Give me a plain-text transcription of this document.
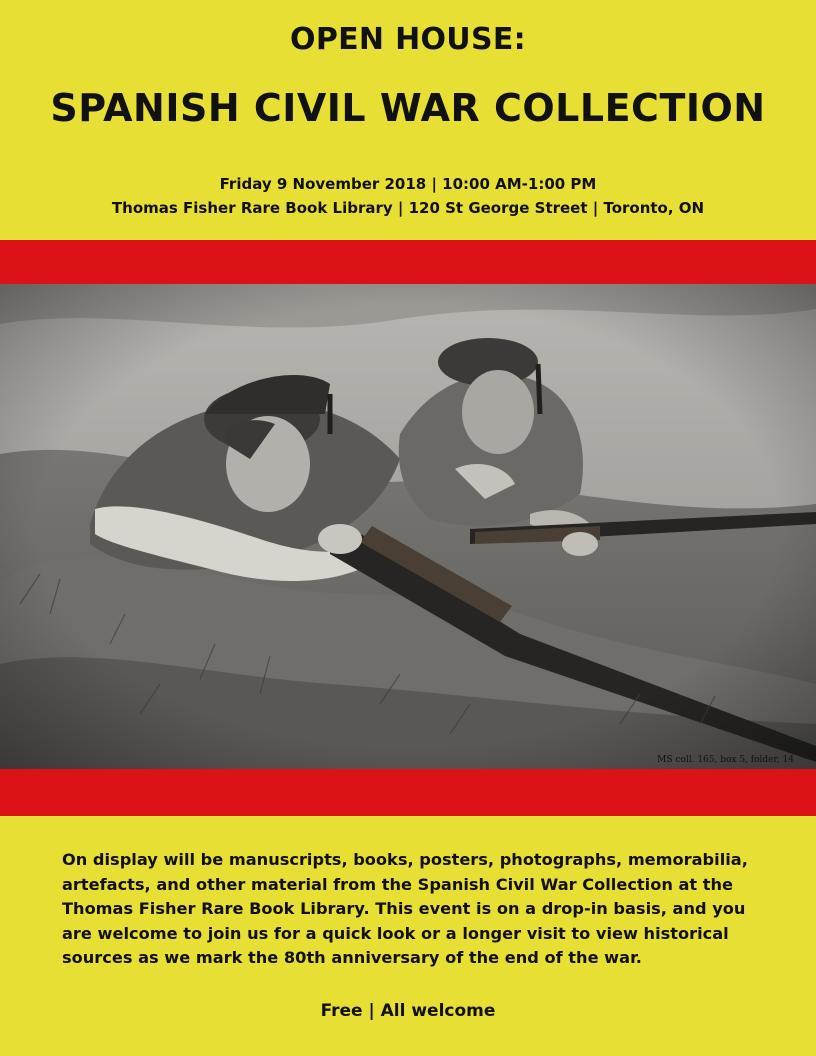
OPEN HOUSE:
SPANISH CIVIL WAR COLLECTION
Friday 9 November 2018 | 10:00 AM-1:00 PM
Thomas Fisher Rare Book Library | 120 St George Street | Toronto, ON
MS coll. 165, box 5, folder, 14
On display will be manuscripts, books, posters, photographs, memorabilia,
artefacts, and other material from the Spanish Civil War Collection at the
Thomas Fisher Rare Book Library. This event is on a drop-in basis, and you
are welcome to join us for a quick look or a longer visit to view historical
sources as we mark the 80th anniversary of the end of the war.
Free | All welcome
